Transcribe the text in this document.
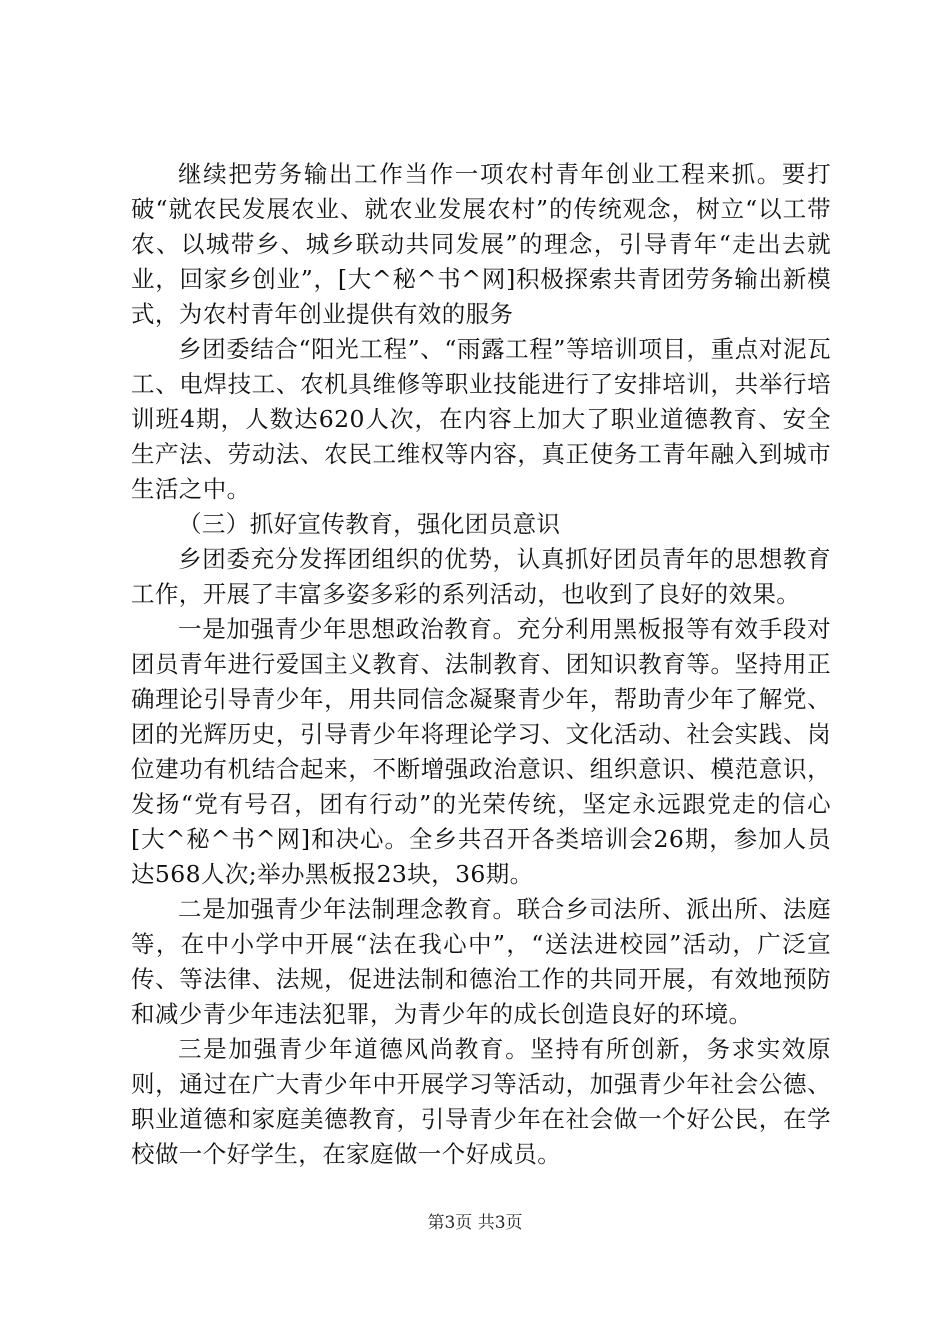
继续把劳务输出工作当作一项农村青年创业工程来抓。要打破“就农民发展农业、就农业发展农村”的传统观念，树立“以工带农、以城带乡、城乡联动共同发展”的理念，引导青年“走出去就业，回家乡创业”，[大^秘^书^网]积极探索共青团劳务输出新模式，为农村青年创业提供有效的服务

乡团委结合“阳光工程”、“雨露工程”等培训项目，重点对泥瓦工、电焊技工、农机具维修等职业技能进行了安排培训，共举行培训班4期，人数达620人次，在内容上加大了职业道德教育、安全生产法、劳动法、农民工维权等内容，真正使务工青年融入到城市生活之中。

（三）抓好宣传教育，强化团员意识

乡团委充分发挥团组织的优势，认真抓好团员青年的思想教育工作，开展了丰富多姿多彩的系列活动，也收到了良好的效果。

一是加强青少年思想政治教育。充分利用黑板报等有效手段对团员青年进行爱国主义教育、法制教育、团知识教育等。坚持用正确理论引导青少年，用共同信念凝聚青少年，帮助青少年了解党、团的光辉历史，引导青少年将理论学习、文化活动、社会实践、岗位建功有机结合起来，不断增强政治意识、组织意识、模范意识，发扬“党有号召，团有行动”的光荣传统，坚定永远跟党走的信心[大^秘^书^网]和决心。全乡共召开各类培训会26期，参加人员达568人次;举办黑板报23块，36期。

二是加强青少年法制理念教育。联合乡司法所、派出所、法庭等，在中小学中开展“法在我心中”，“送法进校园”活动，广泛宣传、等法律、法规，促进法制和德治工作的共同开展，有效地预防和减少青少年违法犯罪，为青少年的成长创造良好的环境。

三是加强青少年道德风尚教育。坚持有所创新，务求实效原则，通过在广大青少年中开展学习等活动，加强青少年社会公德、职业道德和家庭美德教育，引导青少年在社会做一个好公民，在学校做一个好学生，在家庭做一个好成员。

第3页 共3页
